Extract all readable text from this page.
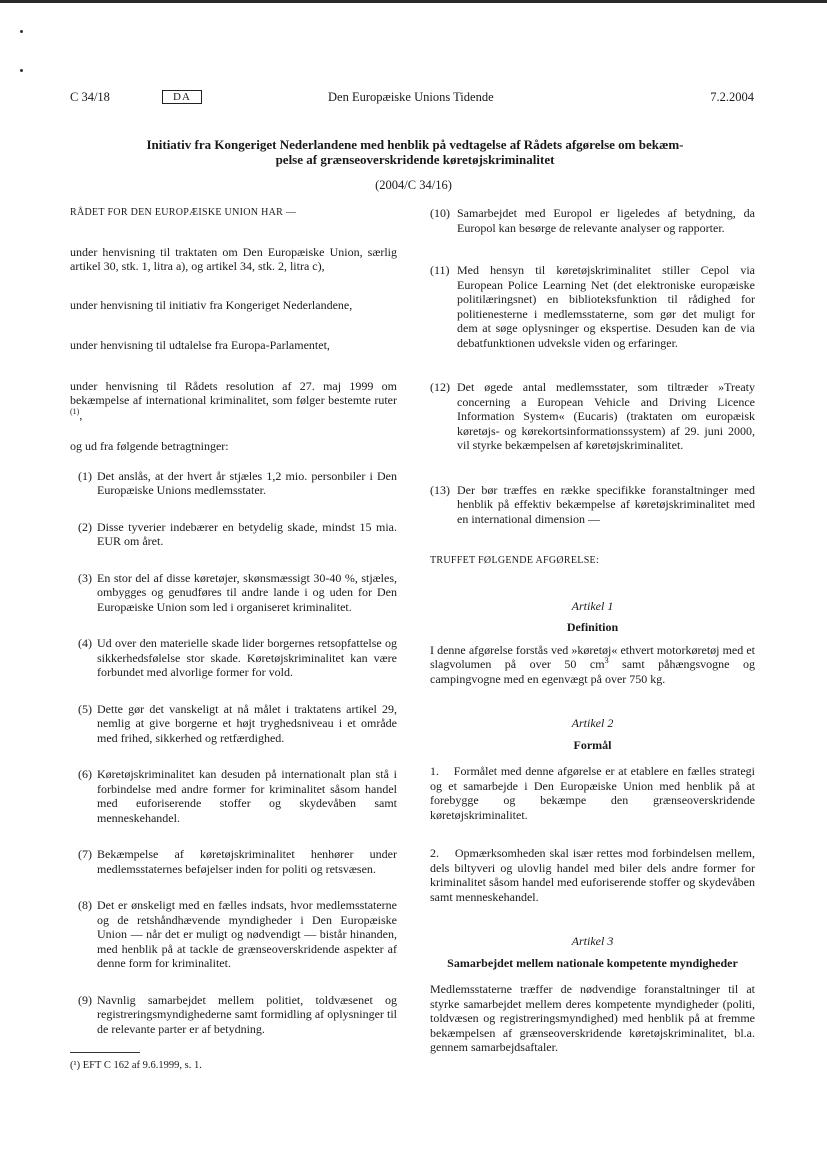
C 34/18	DA	Den Europæiske Unions Tidende	7.2.2004
Initiativ fra Kongeriget Nederlandene med henblik på vedtagelse af Rådets afgørelse om bekæm-
pelse af grænseoverskridende køretøjskriminalitet
(2004/C 34/16)

RÅDET FOR DEN EUROPÆISKE UNION HAR —

under henvisning til traktaten om Den Europæiske Union, særlig artikel 30, stk. 1, litra a), og artikel 34, stk. 2, litra c),

under henvisning til initiativ fra Kongeriget Nederlandene,

under henvisning til udtalelse fra Europa-Parlamentet,

under henvisning til Rådets resolution af 27. maj 1999 om bekæmpelse af international kriminalitet, som følger bestemte ruter $^{(1)}$,

og ud fra følgende betragtninger:

(1) Det anslås, at der hvert år stjæles 1,2 mio. personbiler i Den Europæiske Unions medlemsstater.

(2) Disse tyverier indebærer en betydelig skade, mindst 15 mia. EUR om året.

(3) En stor del af disse køretøjer, skønsmæssigt 30-40 %, stjæles, ombygges og genudføres til andre lande i og uden for Den Europæiske Union som led i organiseret kriminalitet.

(4) Ud over den materielle skade lider borgernes retsopfattelse og sikkerhedsfølelse stor skade. Køretøjskriminalitet kan være forbundet med alvorlige former for vold.

(5) Dette gør det vanskeligt at nå målet i traktatens artikel 29, nemlig at give borgerne et højt tryghedsniveau i et område med frihed, sikkerhed og retfærdighed.

(6) Køretøjskriminalitet kan desuden på internationalt plan stå i forbindelse med andre former for kriminalitet såsom handel med euforiserende stoffer og skydevåben samt menneskehandel.

(7) Bekæmpelse af køretøjskriminalitet henhører under medlemsstaternes beføjelser inden for politi og retsvæsen.

(8) Det er ønskeligt med en fælles indsats, hvor medlemsstaterne og de retshåndhævende myndigheder i Den Europæiske Union — når det er muligt og nødvendigt — bistår hinanden, med henblik på at tackle de grænseoverskridende aspekter af denne form for kriminalitet.

(9) Navnlig samarbejdet mellem politiet, toldvæsenet og registreringsmyndighederne samt formidling af oplysninger til de relevante parter er af betydning.

(¹) EFT C 162 af 9.6.1999, s. 1.

(10) Samarbejdet med Europol er ligeledes af betydning, da Europol kan besørge de relevante analyser og rapporter.

(11) Med hensyn til køretøjskriminalitet stiller Cepol via European Police Learning Net (det elektroniske europæiske politilæringsnet) en biblioteksfunktion til rådighed for politienesterne i medlemsstaterne, som gør det muligt for dem at søge oplysninger og ekspertise. Desuden kan de via debatfunktionen udveksle viden og erfaringer.

(12) Det øgede antal medlemsstater, som tiltræder »Treaty concerning a European Vehicle and Driving Licence Information System« (Eucaris) (traktaten om europæisk køretøjs- og kørekortsinformationssystem) af 29. juni 2000, vil styrke bekæmpelsen af køretøjskriminalitet.

(13) Der bør træffes en række specifikke foranstaltninger med henblik på effektiv bekæmpelse af køretøjskriminalitet med en international dimension —

TRUFFET FØLGENDE AFGØRELSE:

Artikel 1

Definition

I denne afgørelse forstås ved »køretøj« ethvert motorkøretøj med et slagvolumen på over 50 $cm^3$ samt påhængsvogne og campingvogne med en egenvægt på over 750 kg.

Artikel 2

Formål

1.    Formålet med denne afgørelse er at etablere en fælles strategi og et samarbejde i Den Europæiske Union med henblik på at forebygge og bekæmpe den grænseoverskridende køretøjskriminalitet.

2.    Opmærksomheden skal især rettes mod forbindelsen mellem, dels biltyveri og ulovlig handel med biler dels andre former for kriminalitet såsom handel med euforiserende stoffer og skydevåben samt menneskehandel.

Artikel 3

Samarbejdet mellem nationale kompetente myndigheder

Medlemsstaterne træffer de nødvendige foranstaltninger til at styrke samarbejdet mellem deres kompetente myndigheder (politi, toldvæsen og registreringsmyndighed) med henblik på at fremme bekæmpelsen af grænseoverskridende køretøjskriminalitet, bl.a. gennem samarbejdsaftaler.
